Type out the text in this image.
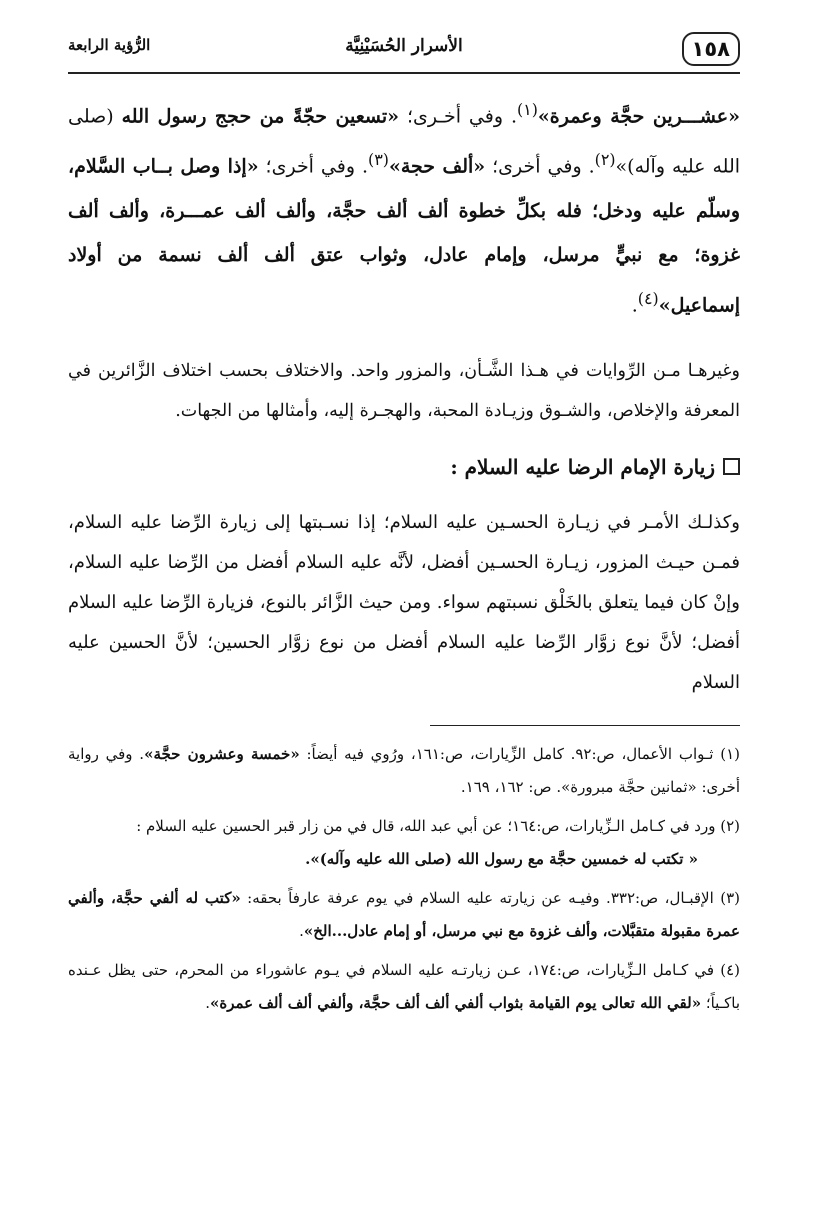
١٥٨
الأسرار الحُسَيْنِيَّة
الرُّؤية الرابعة

«عشـــرين حجَّة وعمرة»$^{(١)}$. وفي أخـرى؛ «تسعين حجّةً من حجج رسول الله (صلى الله عليه وآله)»$^{(٢)}$. وفي أخرى؛ «ألف حجة»$^{(٣)}$. وفي أخرى؛ «إذا وصل بــاب السَّلام، وسلّم عليه ودخل؛ فله بكلِّ خطوة ألف ألف حجَّة، وألف ألف عمـــرة، وألف ألف غزوة؛ مع نبيٍّ مرسل، وإمام عادل، وثواب عتق ألف ألف نسمة من أولاد إسماعيل»$^{(٤)}$.

وغيرهـا مـن الرِّوايات في هـذا الشَّـأن، والمزور واحد. والاختلاف بحسب اختلاف الزَّائرين في المعرفة والإخلاص، والشـوق وزيـادة المحبة، والهجـرة إليه، وأمثالها من الجهات.

زيارة الإمام الرضا عليه السلام :

وكذلـك الأمـر في زيـارة الحسـين عليه السلام؛ إذا نسـبتها إلى زيارة الرِّضا عليه السلام، فمـن حيـث المزور، زيـارة الحسـين أفضل، لأنَّه عليه السلام أفضل من الرِّضا عليه السلام، وإنْ كان فيما يتعلق بالخَلْق نسبتهم سواء. ومن حيث الزَّائر بالنوع، فزيارة الرِّضا عليه السلام أفضل؛ لأنَّ نوع زوَّار الرِّضا عليه السلام أفضل من نوع زوَّار الحسين؛ لأنَّ الحسين عليه السلام

(١) ثـواب الأعمال، ص:٩٢. كامل الزِّيارات، ص:١٦١، ورُوي فيه أيضاً: «خمسة وعشرون حجَّة». وفي رواية أخرى: «ثمانين حجَّة مبرورة». ص: ١٦٢، ١٦٩.

(٢) ورد في كـامل الـزِّيارات، ص:١٦٤؛ عن أبي عبد الله، قال في من زار قبر الحسين عليه السلام :
« تكتب له خمسين حجَّة مع رسول الله (صلى الله عليه وآله)».

(٣) الإقبـال، ص:٣٣٢. وفيـه عن زيارته عليه السلام في يوم عرفة عارفاً بحقه: «كتب له ألفي حجَّة، وألفي عمرة مقبولة متقبَّلات، وألف غزوة مع نبي مرسل، أو إمام عادل...الخ».

(٤) في كـامل الـزِّيارات، ص:١٧٤، عـن زيارتـه عليه السلام في يـوم عاشوراء من المحرم، حتى يظل عـنده باكـياً؛ «لقي الله تعالى يوم القيامة بثواب ألفي ألف ألف حجَّة، وألفي ألف ألف عمرة».
